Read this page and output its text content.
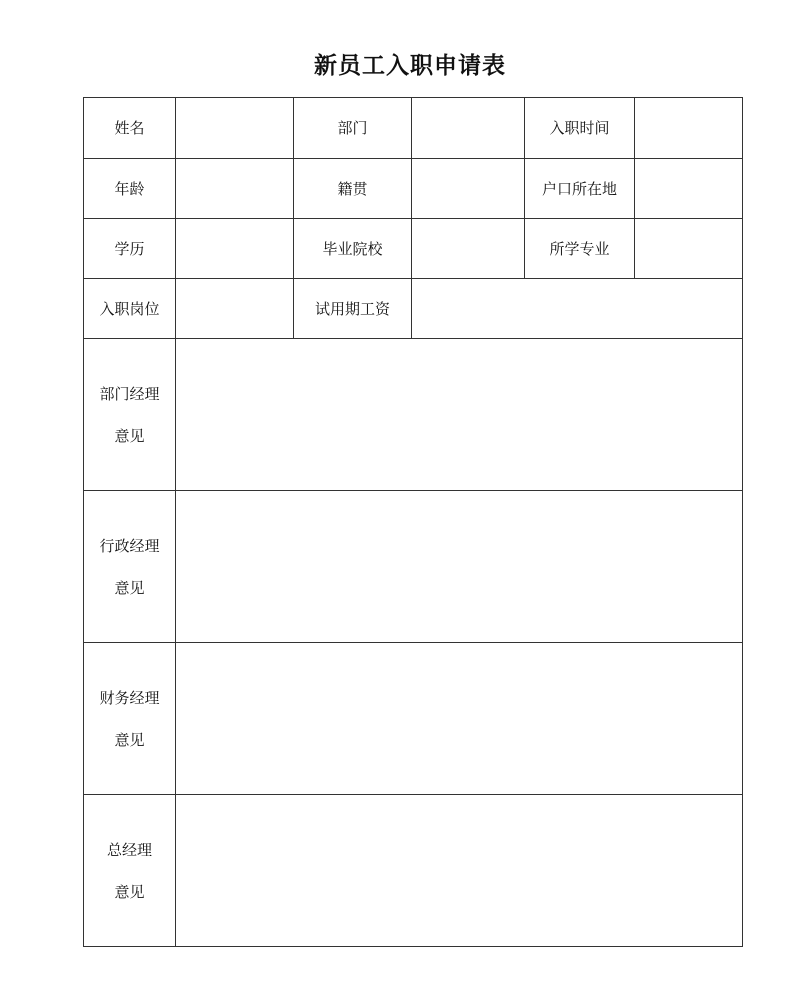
新员工入职申请表
姓名		部门		入职时间	
年龄		籍贯		户口所在地	
学历		毕业院校		所学专业	
入职岗位		试用期工资			

部门经理
意见					

行政经理
意见					

财务经理
意见					

总经理
意见					
